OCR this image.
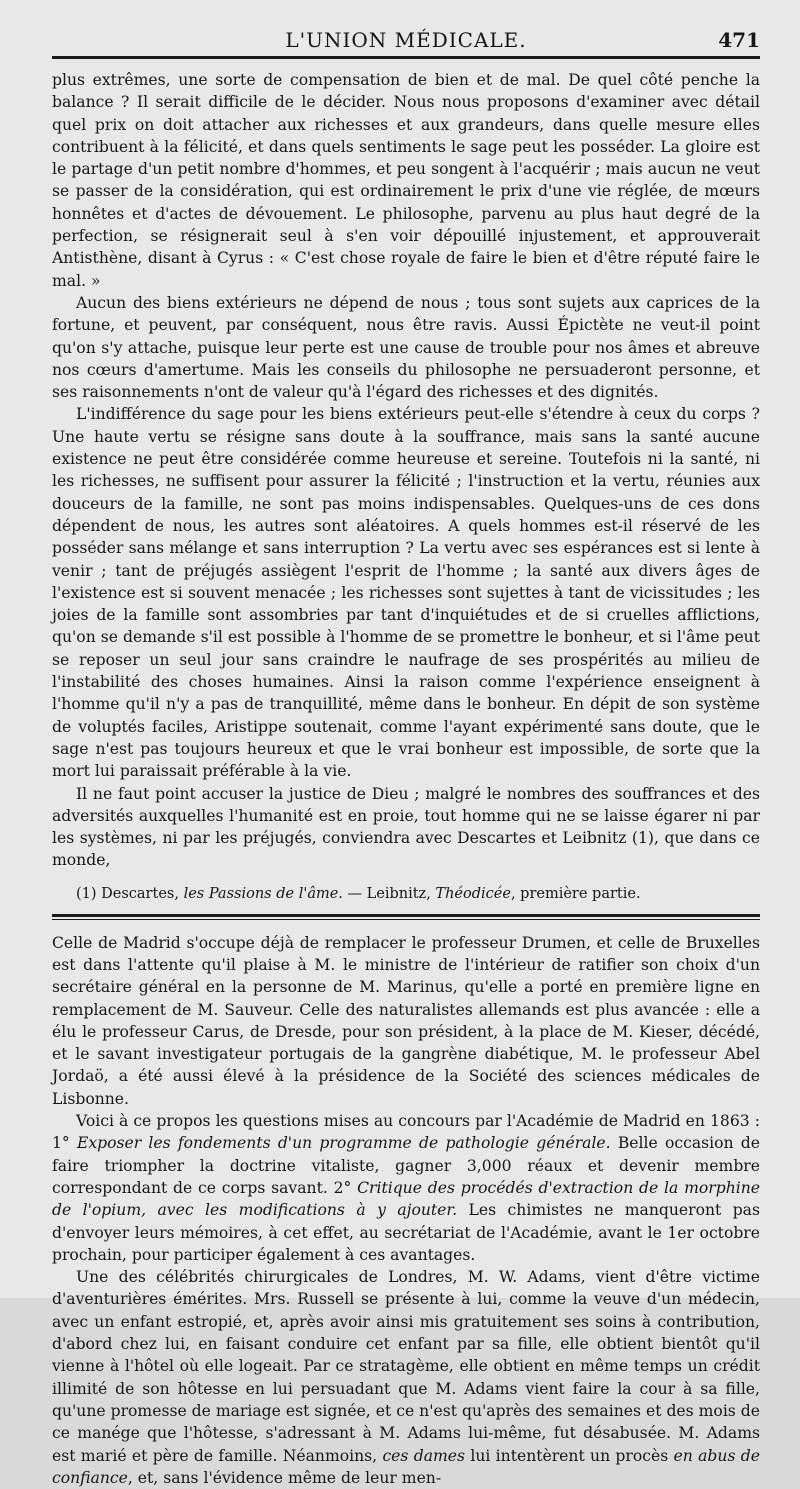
L'UNION MÉDICALE.	471

plus extrêmes, une sorte de compensation de bien et de mal. De quel côté penche la balance ? Il serait difficile de le décider. Nous nous proposons d'examiner avec détail quel prix on doit attacher aux richesses et aux grandeurs, dans quelle mesure elles contribuent à la félicité, et dans quels sentiments le sage peut les posséder. La gloire est le partage d'un petit nombre d'hommes, et peu songent à l'acquérir ; mais aucun ne veut se passer de la considération, qui est ordinairement le prix d'une vie réglée, de mœurs honnêtes et d'actes de dévouement. Le philosophe, parvenu au plus haut degré de la perfection, se résignerait seul à s'en voir dépouillé injustement, et approuverait Antisthène, disant à Cyrus : « C'est chose royale de faire le bien et d'être réputé faire le mal. »

Aucun des biens extérieurs ne dépend de nous ; tous sont sujets aux caprices de la fortune, et peuvent, par conséquent, nous être ravis. Aussi Épictète ne veut-il point qu'on s'y attache, puisque leur perte est une cause de trouble pour nos âmes et abreuve nos cœurs d'amertume. Mais les conseils du philosophe ne persuaderont personne, et ses raisonnements n'ont de valeur qu'à l'égard des richesses et des dignités.

L'indifférence du sage pour les biens extérieurs peut-elle s'étendre à ceux du corps ? Une haute vertu se résigne sans doute à la souffrance, mais sans la santé aucune existence ne peut être considérée comme heureuse et sereine. Toutefois ni la santé, ni les richesses, ne suffisent pour assurer la félicité ; l'instruction et la vertu, réunies aux douceurs de la famille, ne sont pas moins indispensables. Quelques-uns de ces dons dépendent de nous, les autres sont aléatoires. A quels hommes est-il réservé de les posséder sans mélange et sans interruption ? La vertu avec ses espérances est si lente à venir ; tant de préjugés assiègent l'esprit de l'homme ; la santé aux divers âges de l'existence est si souvent menacée ; les richesses sont sujettes à tant de vicissitudes ; les joies de la famille sont assombries par tant d'inquiétudes et de si cruelles afflictions, qu'on se demande s'il est possible à l'homme de se promettre le bonheur, et si l'âme peut se reposer un seul jour sans craindre le naufrage de ses prospérités au milieu de l'instabilité des choses humaines. Ainsi la raison comme l'expérience enseignent à l'homme qu'il n'y a pas de tranquillité, même dans le bonheur. En dépit de son système de voluptés faciles, Aristippe soutenait, comme l'ayant expérimenté sans doute, que le sage n'est pas toujours heureux et que le vrai bonheur est impossible, de sorte que la mort lui paraissait préférable à la vie.

Il ne faut point accuser la justice de Dieu ; malgré le nombres des souffrances et des adversités auxquelles l'humanité est en proie, tout homme qui ne se laisse égarer ni par les systèmes, ni par les préjugés, conviendra avec Descartes et Leibnitz (1), que dans ce monde,

(1) Descartes, les Passions de l'âme. — Leibnitz, Théodicée, première partie.

Celle de Madrid s'occupe déjà de remplacer le professeur Drumen, et celle de Bruxelles est dans l'attente qu'il plaise à M. le ministre de l'intérieur de ratifier son choix d'un secrétaire général en la personne de M. Marinus, qu'elle a porté en première ligne en remplacement de M. Sauveur. Celle des naturalistes allemands est plus avancée : elle a élu le professeur Carus, de Dresde, pour son président, à la place de M. Kieser, décédé, et le savant investigateur portugais de la gangrène diabétique, M. le professeur Abel Jordaö, a été aussi élevé à la présidence de la Société des sciences médicales de Lisbonne.

Voici à ce propos les questions mises au concours par l'Académie de Madrid en 1863 : 1° Exposer les fondements d'un programme de pathologie générale. Belle occasion de faire triompher la doctrine vitaliste, gagner 3,000 réaux et devenir membre correspondant de ce corps savant. 2° Critique des procédés d'extraction de la morphine de l'opium, avec les modifications à y ajouter. Les chimistes ne manqueront pas d'envoyer leurs mémoires, à cet effet, au secrétariat de l'Académie, avant le 1er octobre prochain, pour participer également à ces avantages.

Une des célébrités chirurgicales de Londres, M. W. Adams, vient d'être victime d'aventurières émérites. Mrs. Russell se présente à lui, comme la veuve d'un médecin, avec un enfant estropié, et, après avoir ainsi mis gratuitement ses soins à contribution, d'abord chez lui, en faisant conduire cet enfant par sa fille, elle obtient bientôt qu'il vienne à l'hôtel où elle logeait. Par ce stratagème, elle obtient en même temps un crédit illimité de son hôtesse en lui persuadant que M. Adams vient faire la cour à sa fille, qu'une promesse de mariage est signée, et ce n'est qu'après des semaines et des mois de ce manége que l'hôtesse, s'adressant à M. Adams lui-même, fut désabusée. M. Adams est marié et père de famille. Néanmoins, ces dames lui intentèrent un procès en abus de confiance, et, sans l'évidence même de leur men-
